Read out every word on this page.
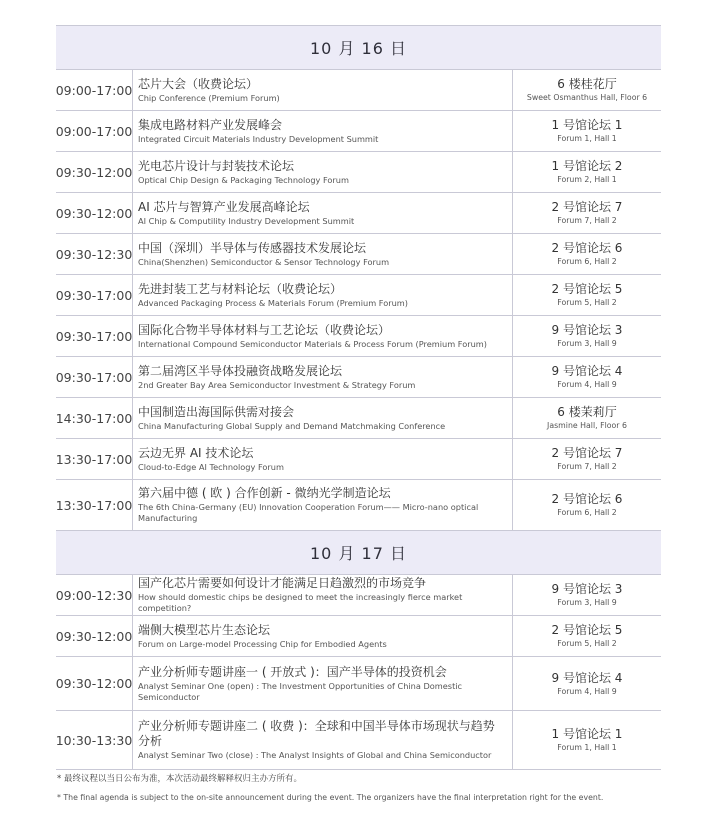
10 月 16 日
09:00-17:00 芯片大会（收费论坛）
Chip Conference (Premium Forum)
6 楼桂花厅
Sweet Osmanthus Hall, Floor 6
09:00-17:00 集成电路材料产业发展峰会
Integrated Circuit Materials Industry Development Summit
1 号馆论坛 1
Forum 1, Hall 1
09:30-12:00 光电芯片设计与封装技术论坛
Optical Chip Design & Packaging Technology Forum
1 号馆论坛 2
Forum 2, Hall 1
09:30-12:00 AI 芯片与智算产业发展高峰论坛
AI Chip & Computility Industry Development Summit
2 号馆论坛 7
Forum 7, Hall 2
09:30-12:30 中国（深圳）半导体与传感器技术发展论坛
China(Shenzhen) Semiconductor & Sensor Technology Forum
2 号馆论坛 6
Forum 6, Hall 2
09:30-17:00 先进封装工艺与材料论坛（收费论坛）
Advanced Packaging Process & Materials Forum (Premium Forum)
2 号馆论坛 5
Forum 5, Hall 2
09:30-17:00 国际化合物半导体材料与工艺论坛（收费论坛）
International Compound Semiconductor Materials & Process Forum (Premium Forum)
9 号馆论坛 3
Forum 3, Hall 9
09:30-17:00 第二届湾区半导体投融资战略发展论坛
2nd Greater Bay Area Semiconductor Investment & Strategy Forum
9 号馆论坛 4
Forum 4, Hall 9
14:30-17:00 中国制造出海国际供需对接会
China Manufacturing Global Supply and Demand Matchmaking Conference
6 楼茉莉厅
Jasmine Hall, Floor 6
13:30-17:00 云边无界 AI 技术论坛
Cloud-to-Edge AI Technology Forum
2 号馆论坛 7
Forum 7, Hall 2
13:30-17:00
第六届中德 ( 欧 ) 合作创新 - 微纳光学制造论坛
The 6th China-Germany (EU) Innovation Cooperation Forum—— Micro-nano optical Manufacturing
2 号馆论坛 6
Forum 6, Hall 2
10 月 17 日
09:00-12:30
国产化芯片需要如何设计才能满足日趋激烈的市场竞争
How should domestic chips be designed to meet the increasingly fierce market competition?
9 号馆论坛 3
Forum 3, Hall 9
09:30-12:00 端侧大模型芯片生态论坛
Forum on Large-model Processing Chip for Embodied Agents
2 号馆论坛 5
Forum 5, Hall 2
09:30-12:00
产业分析师专题讲座一 ( 开放式 )：国产半导体的投资机会
Analyst Seminar One (open) : The Investment Opportunities of China Domestic Semiconductor
9 号馆论坛 4
Forum 4, Hall 9
10:30-13:30
产业分析师专题讲座二 ( 收费 )：全球和中国半导体市场现状与趋势分析
Analyst Seminar Two (close) : The Analyst Insights of Global and China Semiconductor
1 号馆论坛 1
Forum 1, Hall 1
* 最终议程以当日公布为准，本次活动最终解释权归主办方所有。
* The final agenda is subject to the on-site announcement during the event. The organizers have the final interpretation right for the event.
